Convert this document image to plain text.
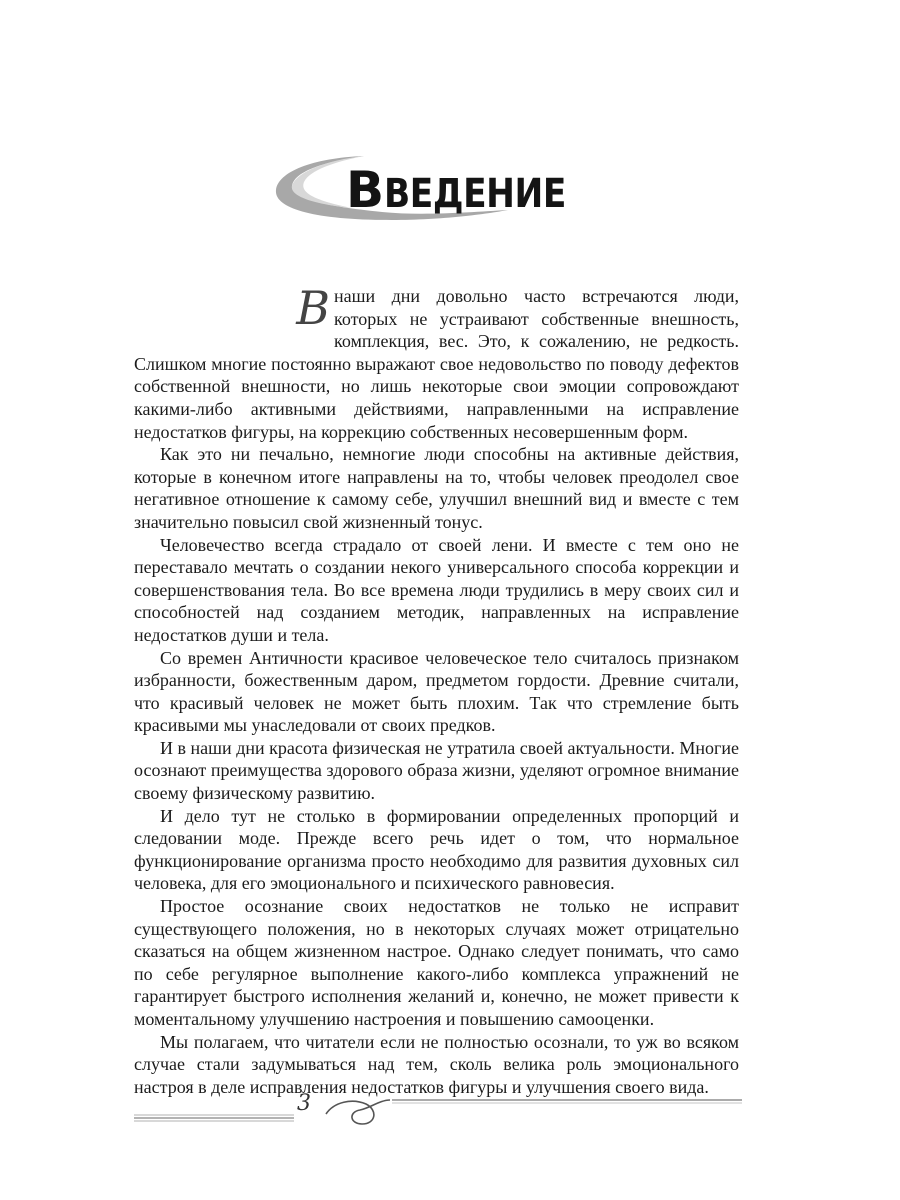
ВВЕДЕНИЕ

В наши дни довольно часто встречаются люди, которых не устраивают собственные внешность, комплекция, вес. Это, к сожалению, не редкость. Слишком многие постоянно выражают свое недовольство по поводу дефектов собственной внешности, но лишь некоторые свои эмоции сопровождают какими-либо активными действиями, направленными на исправление недостатков фигуры, на коррекцию собственных несовершенным форм.

Как это ни печально, немногие люди способны на активные действия, которые в конечном итоге направлены на то, чтобы человек преодолел свое негативное отношение к самому себе, улучшил внешний вид и вместе с тем значительно повысил свой жизненный тонус.

Человечество всегда страдало от своей лени. И вместе с тем оно не переставало мечтать о создании некого универсального способа коррекции и совершенствования тела. Во все времена люди трудились в меру своих сил и способностей над созданием методик, направленных на исправление недостатков души и тела.

Со времен Античности красивое человеческое тело считалось признаком избранности, божественным даром, предметом гордости. Древние считали, что красивый человек не может быть плохим. Так что стремление быть красивыми мы унаследовали от своих предков.

И в наши дни красота физическая не утратила своей актуальности. Многие осознают преимущества здорового образа жизни, уделяют огромное внимание своему физическому развитию.

И дело тут не столько в формировании определенных пропорций и следовании моде. Прежде всего речь идет о том, что нормальное функционирование организма просто необходимо для развития духовных сил человека, для его эмоционального и психического равновесия.

Простое осознание своих недостатков не только не исправит существующего положения, но в некоторых случаях может отрицательно сказаться на общем жизненном настрое. Однако следует понимать, что само по себе регулярное выполнение какого-либо комплекса упражнений не гарантирует быстрого исполнения желаний и, конечно, не может привести к моментальному улучшению настроения и повышению самооценки.

Мы полагаем, что читатели если не полностью осознали, то уж во всяком случае стали задумываться над тем, сколь велика роль эмоционального настроя в деле исправления недостатков фигуры и улучшения своего вида.

3
